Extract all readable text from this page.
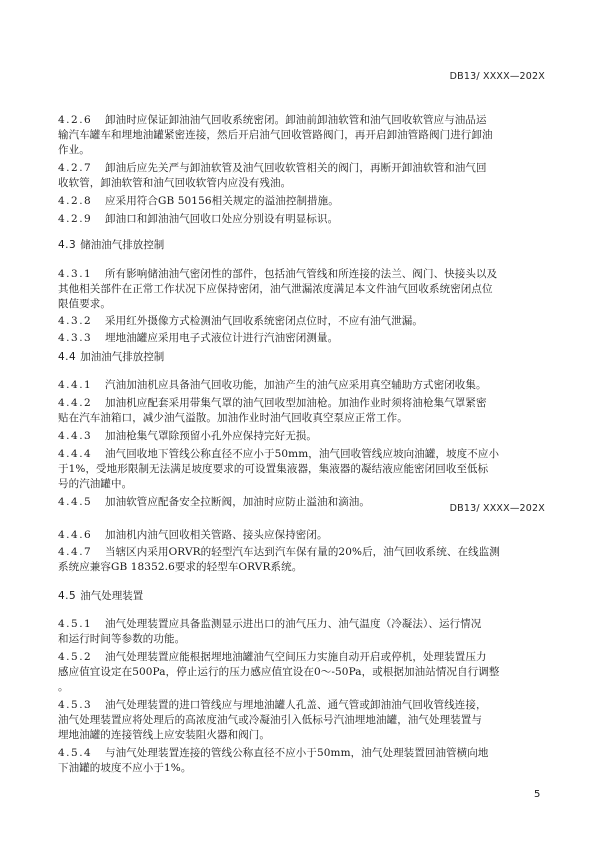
DB13/ XXXX—202X
4.2.6 卸油时应保证卸油油气回收系统密闭。卸油前卸油软管和油气回收软管应与油品运
输汽车罐车和埋地油罐紧密连接，然后开启油气回收管路阀门，再开启卸油管路阀门进行卸油
作业。
4.2.7 卸油后应先关严与卸油软管及油气回收软管相关的阀门，再断开卸油软管和油气回
收软管，卸油软管和油气回收软管内应没有残油。
4.2.8 应采用符合GB 50156相关规定的溢油控制措施。
4.2.9 卸油口和卸油油气回收口处应分别设有明显标识。
4.3 储油油气排放控制
4.3.1 所有影响储油油气密闭性的部件，包括油气管线和所连接的法兰、阀门、快接头以及
其他相关部件在正常工作状况下应保持密闭，油气泄漏浓度满足本文件油气回收系统密闭点位
限值要求。
4.3.2 采用红外摄像方式检测油气回收系统密闭点位时，不应有油气泄漏。
4.3.3 埋地油罐应采用电子式液位计进行汽油密闭测量。
4.4 加油油气排放控制
4.4.1 汽油加油机应具备油气回收功能，加油产生的油气应采用真空辅助方式密闭收集。
4.4.2 加油机应配套采用带集气罩的油气回收型加油枪。加油作业时须将油枪集气罩紧密
贴在汽车油箱口，减少油气溢散。加油作业时油气回收真空泵应正常工作。
4.4.3 加油枪集气罩除预留小孔外应保持完好无损。
4.4.4 油气回收地下管线公称直径不应小于50mm，油气回收管线应坡向油罐，坡度不应小
于1%，受地形限制无法满足坡度要求的可设置集液器，集液器的凝结液应能密闭回收至低标
号的汽油罐中。
4.4.5 加油软管应配备安全拉断阀，加油时应防止溢油和滴油。
DB13/ XXXX—202X
4.4.6 加油机内油气回收相关管路、接头应保持密闭。
4.4.7 当辖区内采用ORVR的轻型汽车达到汽车保有量的20%后，油气回收系统、在线监测
系统应兼容GB 18352.6要求的轻型车ORVR系统。
4.5 油气处理装置
4.5.1 油气处理装置应具备监测显示进出口的油气压力、油气温度（冷凝法）、运行情况
和运行时间等参数的功能。
4.5.2 油气处理装置应能根据埋地油罐油气空间压力实施自动开启或停机，处理装置压力
感应值宜设定在500Pa，停止运行的压力感应值宜设在0～-50Pa，或根据加油站情况自行调整
。
4.5.3 油气处理装置的进口管线应与埋地油罐人孔盖、通气管或卸油油气回收管线连接，
油气处理装置应将处理后的高浓度油气或冷凝油引入低标号汽油埋地油罐，油气处理装置与
埋地油罐的连接管线上应安装阻火器和阀门。
4.5.4 与油气处理装置连接的管线公称直径不应小于50mm，油气处理装置回油管横向地
下油罐的坡度不应小于1%。
5
